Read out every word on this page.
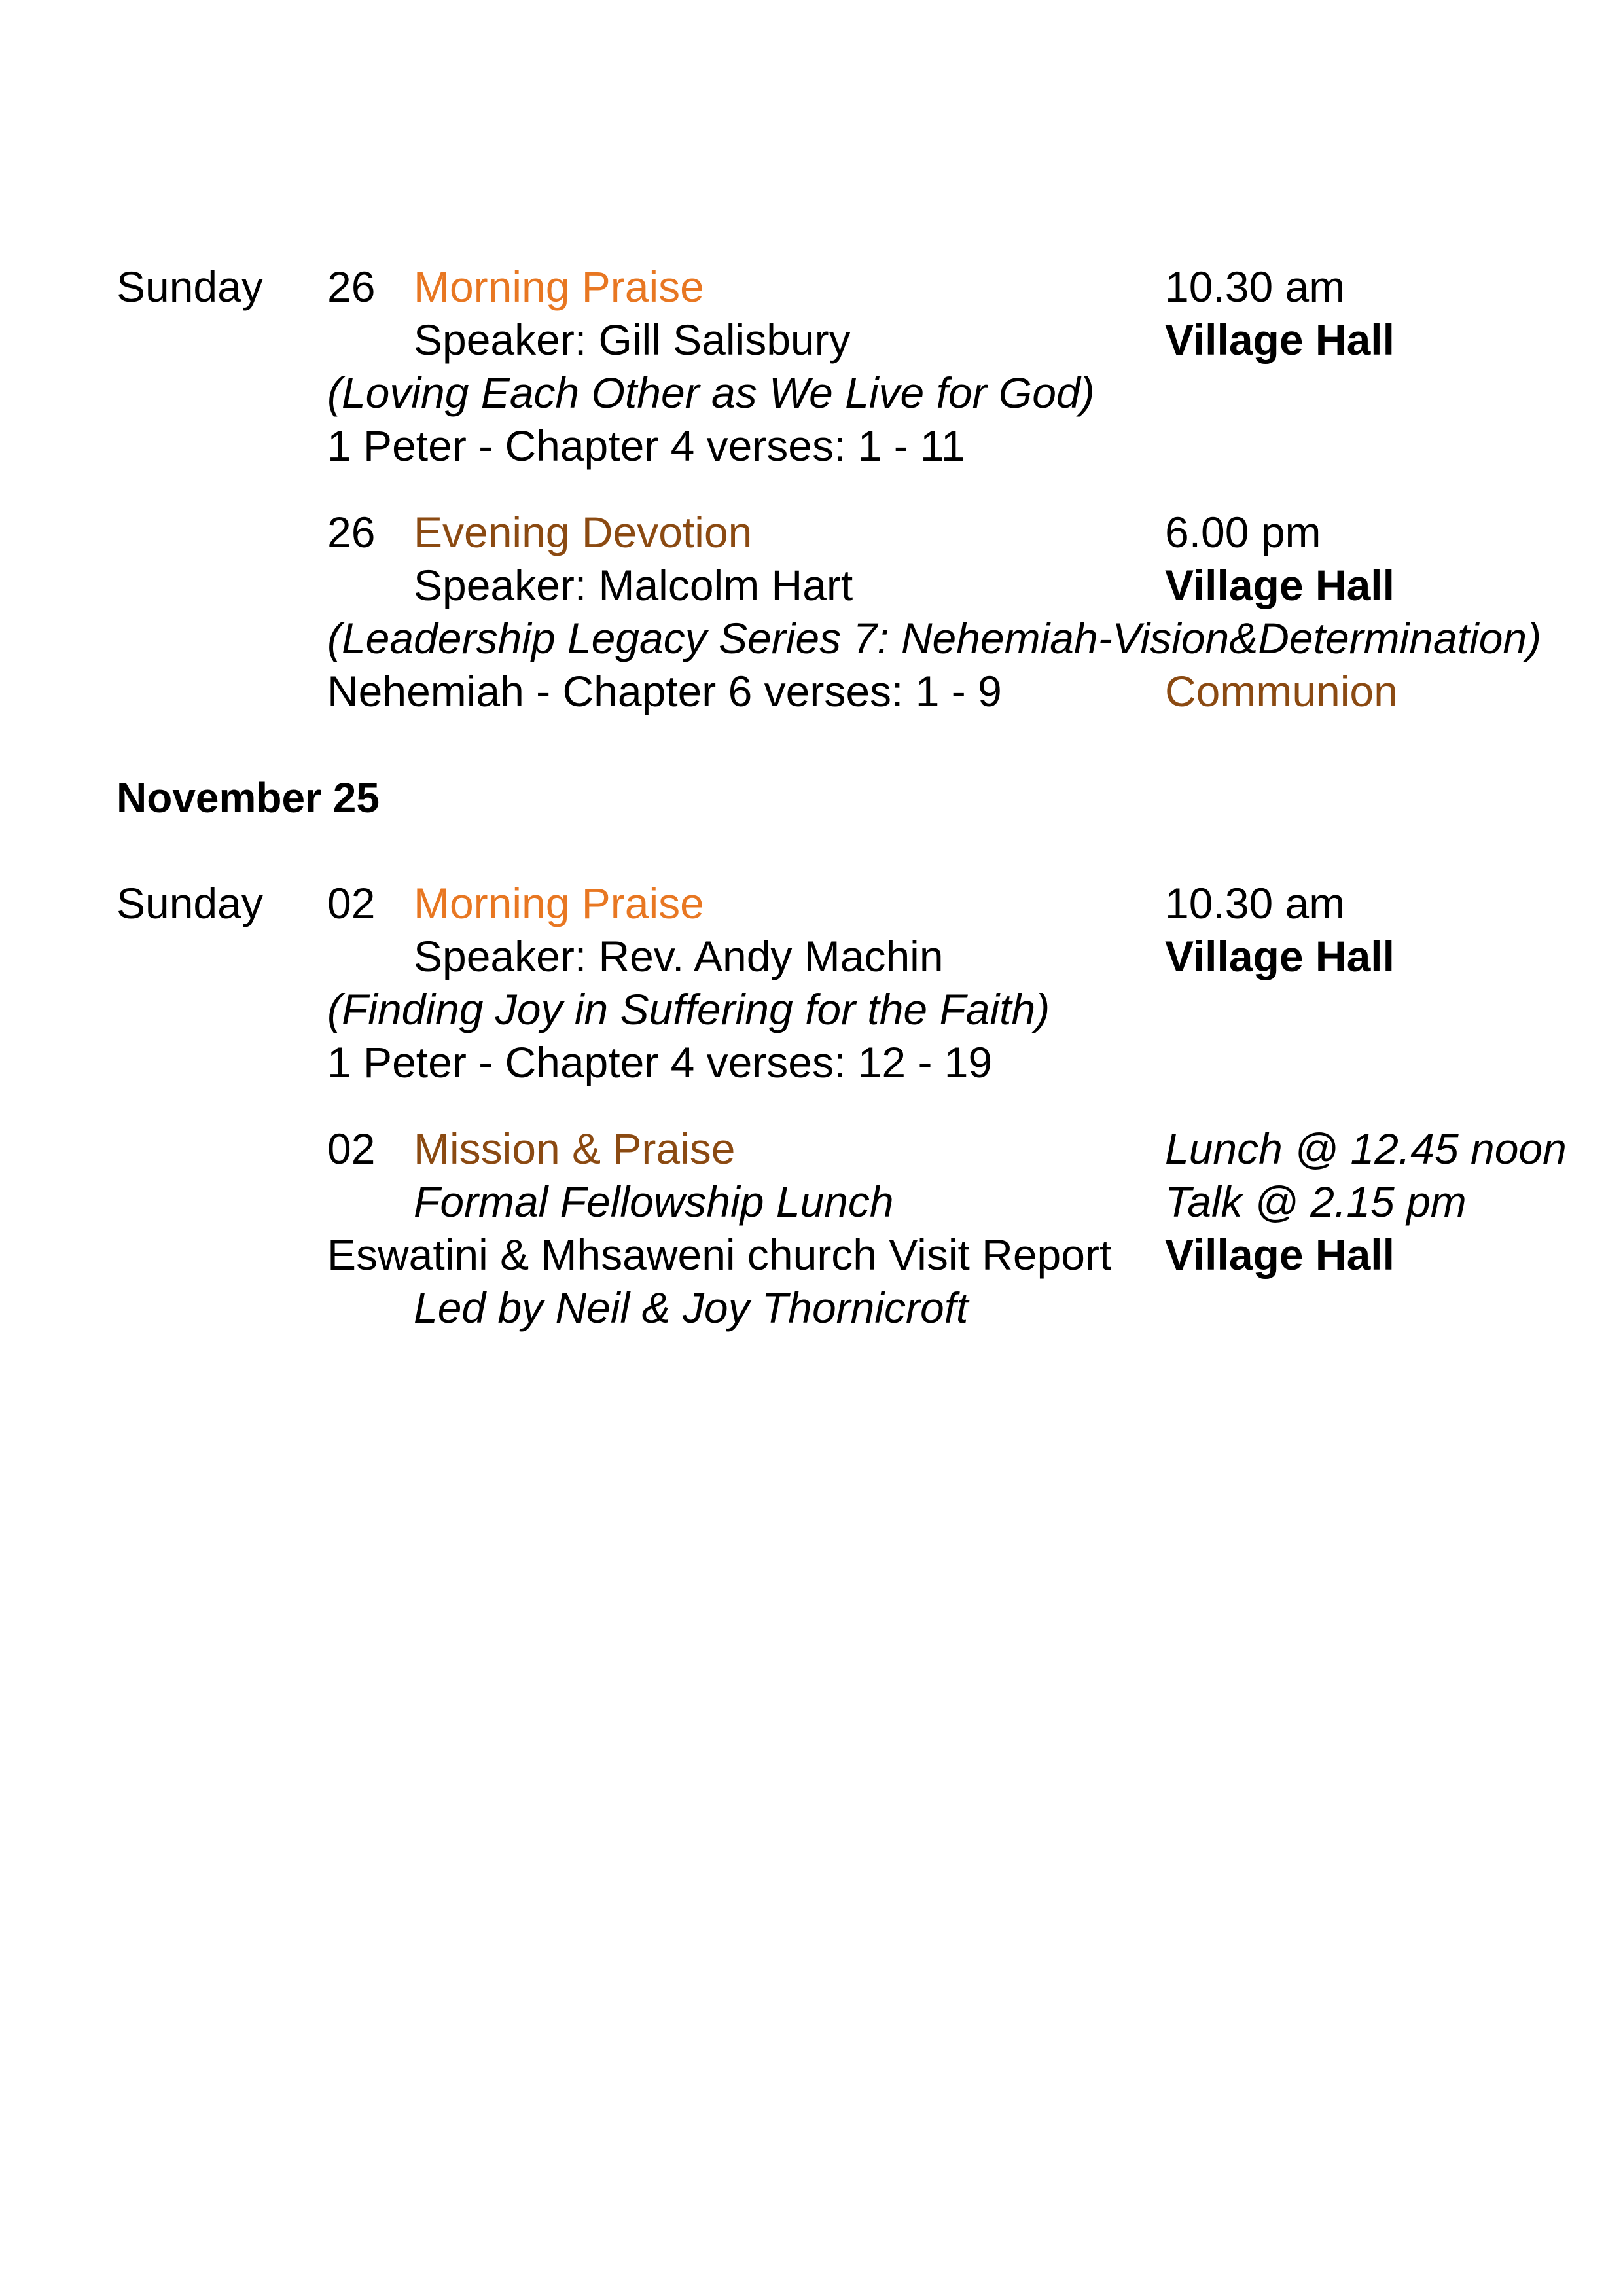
Sunday 26 Morning Praise	10.30 am

Speaker: Gill Salisbury	Village Hall

(Loving Each Other as We Live for God)

1 Peter - Chapter 4 verses: 1 - 11

26 Evening Devotion	6.00 pm

Speaker: Malcolm Hart	Village Hall

(Leadership Legacy Series 7: Nehemiah-Vision&Determination)

Nehemiah - Chapter 6 verses: 1 - 9	Communion

November 25

Sunday 02 Morning Praise	10.30 am

Speaker: Rev. Andy Machin	Village Hall

(Finding Joy in Suffering for the Faith)

1 Peter - Chapter 4 verses: 12 - 19

02 Mission & Praise	Lunch @ 12.45 noon

Formal Fellowship Lunch	Talk @ 2.15 pm

Eswatini & Mhsaweni church Visit Report Village Hall

Led by Neil & Joy Thornicroft
